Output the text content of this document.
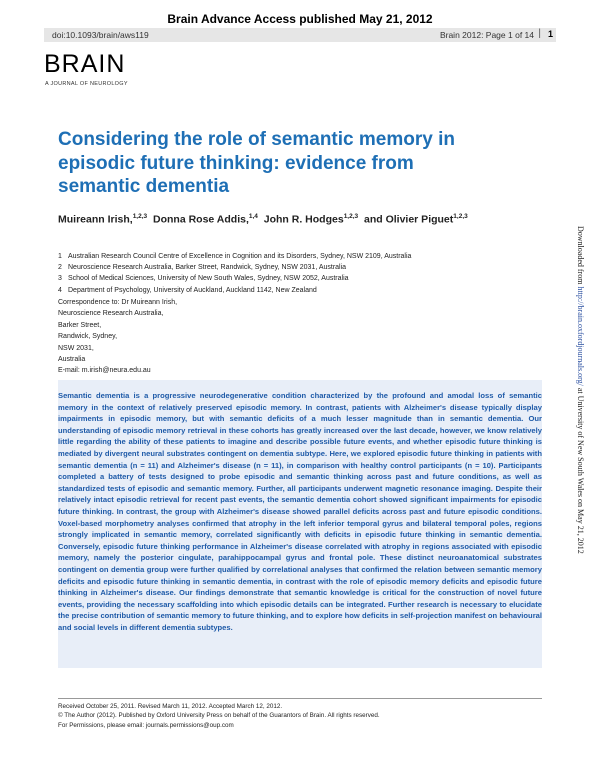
Brain Advance Access published May 21, 2012
doi:10.1093/brain/aws119	Brain 2012: Page 1 of 14 | 1
BRAIN
A JOURNAL OF NEUROLOGY
Considering the role of semantic memory in
episodic future thinking: evidence from
semantic dementia
Muireann Irish,$^{1,2,3}$ Donna Rose Addis,$^{1,4}$ John R. Hodges$^{1,2,3}$ and Olivier Piguet$^{1,2,3}$
1 Australian Research Council Centre of Excellence in Cognition and its Disorders, Sydney, NSW 2109, Australia
2 Neuroscience Research Australia, Barker Street, Randwick, Sydney, NSW 2031, Australia
3 School of Medical Sciences, University of New South Wales, Sydney, NSW 2052, Australia
4 Department of Psychology, University of Auckland, Auckland 1142, New Zealand
Correspondence to: Dr Muireann Irish,
Neuroscience Research Australia,
Barker Street,
Randwick, Sydney,
NSW 2031,
Australia
E-mail: m.irish@neura.edu.au

Semantic dementia is a progressive neurodegenerative condition characterized by the profound and amodal loss of semantic memory in the context of relatively preserved episodic memory. In contrast, patients with Alzheimer's disease typically display impairments in episodic memory, but with semantic deficits of a much lesser magnitude than in semantic dementia. Our understanding of episodic memory retrieval in these cohorts has greatly increased over the last decade, however, we know relatively little regarding the ability of these patients to imagine and describe possible future events, and whether episodic future thinking is mediated by divergent neural substrates contingent on dementia subtype. Here, we explored episodic future thinking in patients with semantic dementia (n = 11) and Alzheimer's disease (n = 11), in comparison with healthy control participants (n = 10). Participants completed a battery of tests designed to probe episodic and semantic thinking across past and future conditions, as well as standardized tests of episodic and semantic memory. Further, all participants underwent magnetic resonance imaging. Despite their relatively intact episodic retrieval for recent past events, the semantic dementia cohort showed significant impairments for episodic future thinking. In contrast, the group with Alzheimer's disease showed parallel deficits across past and future episodic conditions. Voxel-based morphometry analyses confirmed that atrophy in the left inferior temporal gyrus and bilateral temporal poles, regions strongly implicated in semantic memory, correlated significantly with deficits in episodic future thinking in semantic dementia. Conversely, episodic future thinking performance in Alzheimer's disease correlated with atrophy in regions associated with episodic memory, namely the posterior cingulate, parahippocampal gyrus and frontal pole. These distinct neuroanatomical substrates contingent on dementia group were further qualified by correlational analyses that confirmed the relation between semantic memory deficits and episodic future thinking in semantic dementia, in contrast with the role of episodic memory deficits and episodic future thinking in Alzheimer's disease. Our findings demonstrate that semantic knowledge is critical for the construction of novel future events, providing the necessary scaffolding into which episodic details can be integrated. Further research is necessary to elucidate the precise contribution of semantic memory to future thinking, and to explore how deficits in self-projection manifest on behavioural and social levels in different dementia subtypes.

Received October 25, 2011. Revised March 11, 2012. Accepted March 12, 2012.
© The Author (2012). Published by Oxford University Press on behalf of the Guarantors of Brain. All rights reserved.
For Permissions, please email: journals.permissions@oup.com
Downloaded from http://brain.oxfordjournals.org/ at University of New South Wales on May 21, 2012
